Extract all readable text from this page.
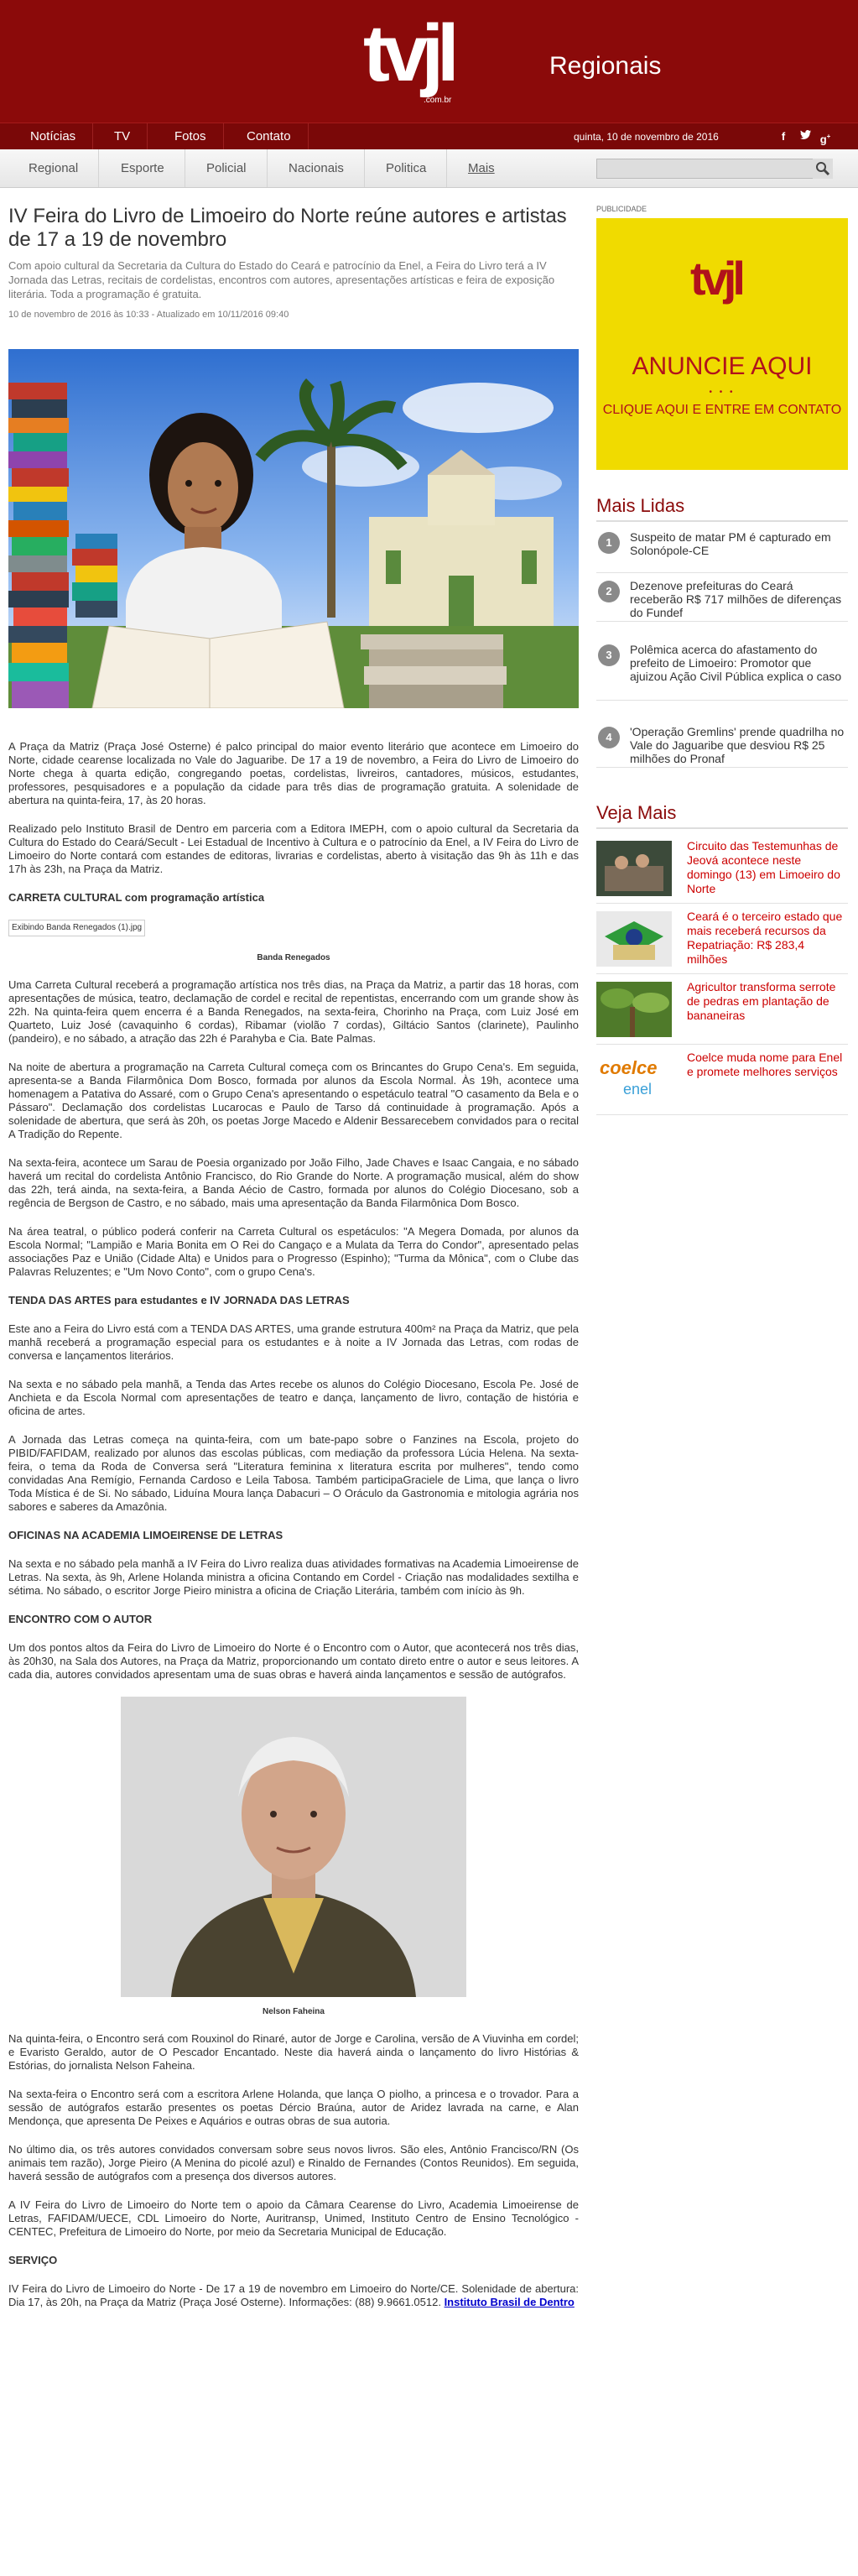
tvjl
.com.br
Regionais
Notícias	TV	Fotos	Contato	quinta, 10 de novembro de 2016	f	g+
Regional	Esporte	Policial	Nacionais	Politica	Mais
IV Feira do Livro de Limoeiro do Norte reúne autores e artistas de 17 a 19 de novembro
Com apoio cultural da Secretaria da Cultura do Estado do Ceará e patrocínio da Enel, a Feira do Livro terá a IV Jornada das Letras, recitais de cordelistas, encontros com autores, apresentações artísticas e feira de exposição literária. Toda a programação é gratuita.
10 de novembro de 2016 às 10:33 - Atualizado em 10/11/2016 09:40

A Praça da Matriz (Praça José Osterne) é palco principal do maior evento literário que acontece em Limoeiro do Norte, cidade cearense localizada no Vale do Jaguaribe. De 17 a 19 de novembro, a Feira do Livro de Limoeiro do Norte chega à quarta edição, congregando poetas, cordelistas, livreiros, cantadores, músicos, estudantes, professores, pesquisadores e a população da cidade para três dias de programação gratuita. A solenidade de abertura na quinta-feira, 17, às 20 horas.

Realizado pelo Instituto Brasil de Dentro em parceria com a Editora IMEPH, com o apoio cultural da Secretaria da Cultura do Estado do Ceará/Secult - Lei Estadual de Incentivo à Cultura e o patrocínio da Enel, a IV Feira do Livro de Limoeiro do Norte contará com estandes de editoras, livrarias e cordelistas, aberto à visitação das 9h às 11h e das 17h às 23h, na Praça da Matriz.

CARRETA CULTURAL com programação artística
Exibindo Banda Renegados (1).jpg
Banda Renegados

Uma Carreta Cultural receberá a programação artística nos três dias, na Praça da Matriz, a partir das 18 horas, com apresentações de música, teatro, declamação de cordel e recital de repentistas, encerrando com um grande show às 22h. Na quinta-feira quem encerra é a Banda Renegados, na sexta-feira, Chorinho na Praça, com Luiz José em Quarteto, Luiz José (cavaquinho 6 cordas), Ribamar (violão 7 cordas), Giltácio Santos (clarinete), Paulinho (pandeiro), e no sábado, a atração das 22h é Parahyba e Cia. Bate Palmas.

Na noite de abertura a programação na Carreta Cultural começa com os Brincantes do Grupo Cena's. Em seguida, apresenta-se a Banda Filarmônica Dom Bosco, formada por alunos da Escola Normal. Às 19h, acontece uma homenagem a Patativa do Assaré, com o Grupo Cena's apresentando o espetáculo teatral "O casamento da Bela e o Pássaro". Declamação dos cordelistas Lucarocas e Paulo de Tarso dá continuidade à programação. Após a solenidade de abertura, que será às 20h, os poetas Jorge Macedo e Aldenir Bessarecebem convidados para o recital A Tradição do Repente.

Na sexta-feira, acontece um Sarau de Poesia organizado por João Filho, Jade Chaves e Isaac Cangaia, e no sábado haverá um recital do cordelista Antônio Francisco, do Rio Grande do Norte. A programação musical, além do show das 22h, terá ainda, na sexta-feira, a Banda Aécio de Castro, formada por alunos do Colégio Diocesano, sob a regência de Bergson de Castro, e no sábado, mais uma apresentação da Banda Filarmônica Dom Bosco.

Na área teatral, o público poderá conferir na Carreta Cultural os espetáculos: "A Megera Domada, por alunos da Escola Normal; "Lampião e Maria Bonita em O Rei do Cangaço e a Mulata da Terra do Condor", apresentado pelas associações Paz e União (Cidade Alta) e Unidos para o Progresso (Espinho); "Turma da Mônica", com o Clube das Palavras Reluzentes; e "Um Novo Conto", com o grupo Cena's.

TENDA DAS ARTES para estudantes e IV JORNADA DAS LETRAS

Este ano a Feira do Livro está com a TENDA DAS ARTES, uma grande estrutura 400m² na Praça da Matriz, que pela manhã receberá a programação especial para os estudantes e à noite a IV Jornada das Letras, com rodas de conversa e lançamentos literários.

Na sexta e no sábado pela manhã, a Tenda das Artes recebe os alunos do Colégio Diocesano, Escola Pe. José de Anchieta e da Escola Normal com apresentações de teatro e dança, lançamento de livro, contação de história e oficina de artes.

A Jornada das Letras começa na quinta-feira, com um bate-papo sobre o Fanzines na Escola, projeto do PIBID/FAFIDAM, realizado por alunos das escolas públicas, com mediação da professora Lúcia Helena. Na sexta-feira, o tema da Roda de Conversa será "Literatura feminina x literatura escrita por mulheres", tendo como convidadas Ana Remígio, Fernanda Cardoso e Leila Tabosa. Também participaGraciele de Lima, que lança o livro Toda Mística é de Si. No sábado, Liduína Moura lança Dabacuri – O Oráculo da Gastronomia e mitologia agrária nos sabores e saberes da Amazônia.

OFICINAS NA ACADEMIA LIMOEIRENSE DE LETRAS

Na sexta e no sábado pela manhã a IV Feira do Livro realiza duas atividades formativas na Academia Limoeirense de Letras. Na sexta, às 9h, Arlene Holanda ministra a oficina Contando em Cordel - Criação nas modalidades sextilha e sétima. No sábado, o escritor Jorge Pieiro ministra a oficina de Criação Literária, também com início às 9h.

ENCONTRO COM O AUTOR

Um dos pontos altos da Feira do Livro de Limoeiro do Norte é o Encontro com o Autor, que acontecerá nos três dias, às 20h30, na Sala dos Autores, na Praça da Matriz, proporcionando um contato direto entre o autor e seus leitores. A cada dia, autores convidados apresentam uma de suas obras e haverá ainda lançamentos e sessão de autógrafos.

Nelson Faheina

Na quinta-feira, o Encontro será com Rouxinol do Rinaré, autor de Jorge e Carolina, versão de A Viuvinha em cordel; e Evaristo Geraldo, autor de O Pescador Encantado. Neste dia haverá ainda o lançamento do livro Histórias & Estórias, do jornalista Nelson Faheina.

Na sexta-feira o Encontro será com a escritora Arlene Holanda, que lança O piolho, a princesa e o trovador. Para a sessão de autógrafos estarão presentes os poetas Dércio Braúna, autor de Aridez lavrada na carne, e Alan Mendonça, que apresenta De Peixes e Aquários e outras obras de sua autoria.

No último dia, os três autores convidados conversam sobre seus novos livros. São eles, Antônio Francisco/RN (Os animais tem razão), Jorge Pieiro (A Menina do picolé azul) e Rinaldo de Fernandes (Contos Reunidos). Em seguida, haverá sessão de autógrafos com a presença dos diversos autores.

A IV Feira do Livro de Limoeiro do Norte tem o apoio da Câmara Cearense do Livro, Academia Limoeirense de Letras, FAFIDAM/UECE, CDL Limoeiro do Norte, Auritransp, Unimed, Instituto Centro de Ensino Tecnológico - CENTEC, Prefeitura de Limoeiro do Norte, por meio da Secretaria Municipal de Educação.

SERVIÇO

IV Feira do Livro de Limoeiro do Norte - De 17 a 19 de novembro em Limoeiro do Norte/CE. Solenidade de abertura: Dia 17, às 20h, na Praça da Matriz (Praça José Osterne). Informações: (88) 9.9661.0512. Instituto Brasil de Dentro

PUBLICIDADE
tvjl
ANUNCIE AQUI
• • •
CLIQUE AQUI E ENTRE EM CONTATO
Mais Lidas
1	Suspeito de matar PM é capturado em Solonópole-CE
2	Dezenove prefeituras do Ceará receberão R$ 717 milhões de diferenças do Fundef
3	Polêmica acerca do afastamento do prefeito de Limoeiro: Promotor que ajuizou Ação Civil Pública explica o caso
4	'Operação Gremlins' prende quadrilha no Vale do Jaguaribe que desviou R$ 25 milhões do Pronaf
Veja Mais
Circuito das Testemunhas de Jeová acontece neste domingo (13) em Limoeiro do Norte
Ceará é o terceiro estado que mais receberá recursos da Repatriação: R$ 283,4 milhões
Agricultor transforma serrote de pedras em plantação de bananeiras
coelce
enel
Coelce muda nome para Enel e promete melhores serviços
